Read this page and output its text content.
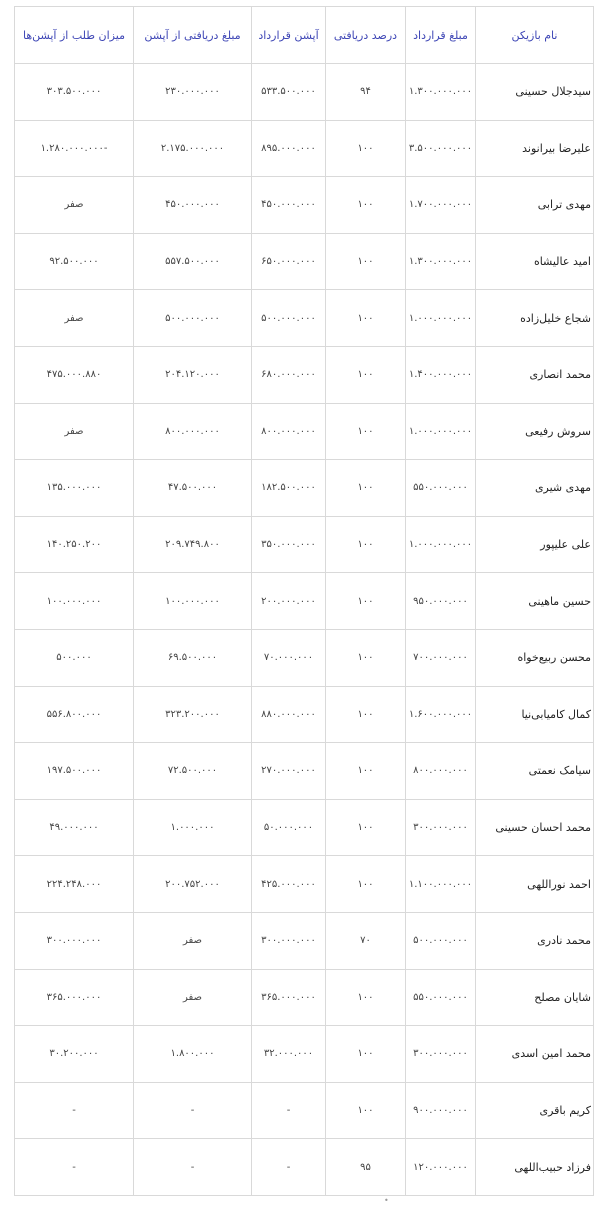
نام بازیکن	مبلغ قرارداد	درصد دریافتی	آپشن قرارداد	مبلغ دریافتی از آپشن	میزان طلب از آپشن‌ها
سیدجلال حسینی	۱.۳۰۰.۰۰۰.۰۰۰	۹۴	۵۳۳.۵۰۰.۰۰۰	۲۳۰.۰۰۰.۰۰۰	۳۰۳.۵۰۰.۰۰۰
علیرضا بیرانوند	۳.۵۰۰.۰۰۰.۰۰۰	۱۰۰	۸۹۵.۰۰۰.۰۰۰	۲.۱۷۵.۰۰۰.۰۰۰	-۱.۲۸۰.۰۰۰.۰۰۰
مهدی ترابی	۱.۷۰۰.۰۰۰.۰۰۰	۱۰۰	۴۵۰.۰۰۰.۰۰۰	۴۵۰.۰۰۰.۰۰۰	صفر
امید عالیشاه	۱.۳۰۰.۰۰۰.۰۰۰	۱۰۰	۶۵۰.۰۰۰.۰۰۰	۵۵۷.۵۰۰.۰۰۰	۹۲.۵۰۰.۰۰۰
شجاع خلیل‌زاده	۱.۰۰۰.۰۰۰.۰۰۰	۱۰۰	۵۰۰.۰۰۰.۰۰۰	۵۰۰.۰۰۰.۰۰۰	صفر
محمد انصاری	۱.۴۰۰.۰۰۰.۰۰۰	۱۰۰	۶۸۰.۰۰۰.۰۰۰	۲۰۴.۱۲۰.۰۰۰	۴۷۵.۰۰۰.۸۸۰
سروش رفیعی	۱.۰۰۰.۰۰۰.۰۰۰	۱۰۰	۸۰۰.۰۰۰.۰۰۰	۸۰۰.۰۰۰.۰۰۰	صفر
مهدی شیری	۵۵۰.۰۰۰.۰۰۰	۱۰۰	۱۸۲.۵۰۰.۰۰۰	۴۷.۵۰۰.۰۰۰	۱۳۵.۰۰۰.۰۰۰
علی علیپور	۱.۰۰۰.۰۰۰.۰۰۰	۱۰۰	۳۵۰.۰۰۰.۰۰۰	۲۰۹.۷۴۹.۸۰۰	۱۴۰.۲۵۰.۲۰۰
حسین ماهینی	۹۵۰.۰۰۰.۰۰۰	۱۰۰	۲۰۰.۰۰۰.۰۰۰	۱۰۰.۰۰۰.۰۰۰	۱۰۰.۰۰۰.۰۰۰
محسن ربیع‌خواه	۷۰۰.۰۰۰.۰۰۰	۱۰۰	۷۰.۰۰۰.۰۰۰	۶۹.۵۰۰.۰۰۰	۵۰۰.۰۰۰
کمال کامیابی‌نیا	۱.۶۰۰.۰۰۰.۰۰۰	۱۰۰	۸۸۰.۰۰۰.۰۰۰	۳۲۳.۲۰۰.۰۰۰	۵۵۶.۸۰۰.۰۰۰
سیامک نعمتی	۸۰۰.۰۰۰.۰۰۰	۱۰۰	۲۷۰.۰۰۰.۰۰۰	۷۲.۵۰۰.۰۰۰	۱۹۷.۵۰۰.۰۰۰
محمد احسان حسینی	۳۰۰.۰۰۰.۰۰۰	۱۰۰	۵۰.۰۰۰.۰۰۰	۱.۰۰۰.۰۰۰	۴۹.۰۰۰.۰۰۰
احمد نوراللهی	۱.۱۰۰.۰۰۰.۰۰۰	۱۰۰	۴۲۵.۰۰۰.۰۰۰	۲۰۰.۷۵۲.۰۰۰	۲۲۴.۲۴۸.۰۰۰
محمد نادری	۵۰۰.۰۰۰.۰۰۰	۷۰	۳۰۰.۰۰۰.۰۰۰	صفر	۳۰۰.۰۰۰.۰۰۰
شایان مصلح	۵۵۰.۰۰۰.۰۰۰	۱۰۰	۳۶۵.۰۰۰.۰۰۰	صفر	۳۶۵.۰۰۰.۰۰۰
محمد امین اسدی	۳۰۰.۰۰۰.۰۰۰	۱۰۰	۳۲.۰۰۰.۰۰۰	۱.۸۰۰.۰۰۰	۳۰.۲۰۰.۰۰۰
کریم باقری	۹۰۰.۰۰۰.۰۰۰	۱۰۰	-	-	-
فرزاد حبیب‌اللهی	۱۲۰.۰۰۰.۰۰۰	۹۵	-	-	-
•
